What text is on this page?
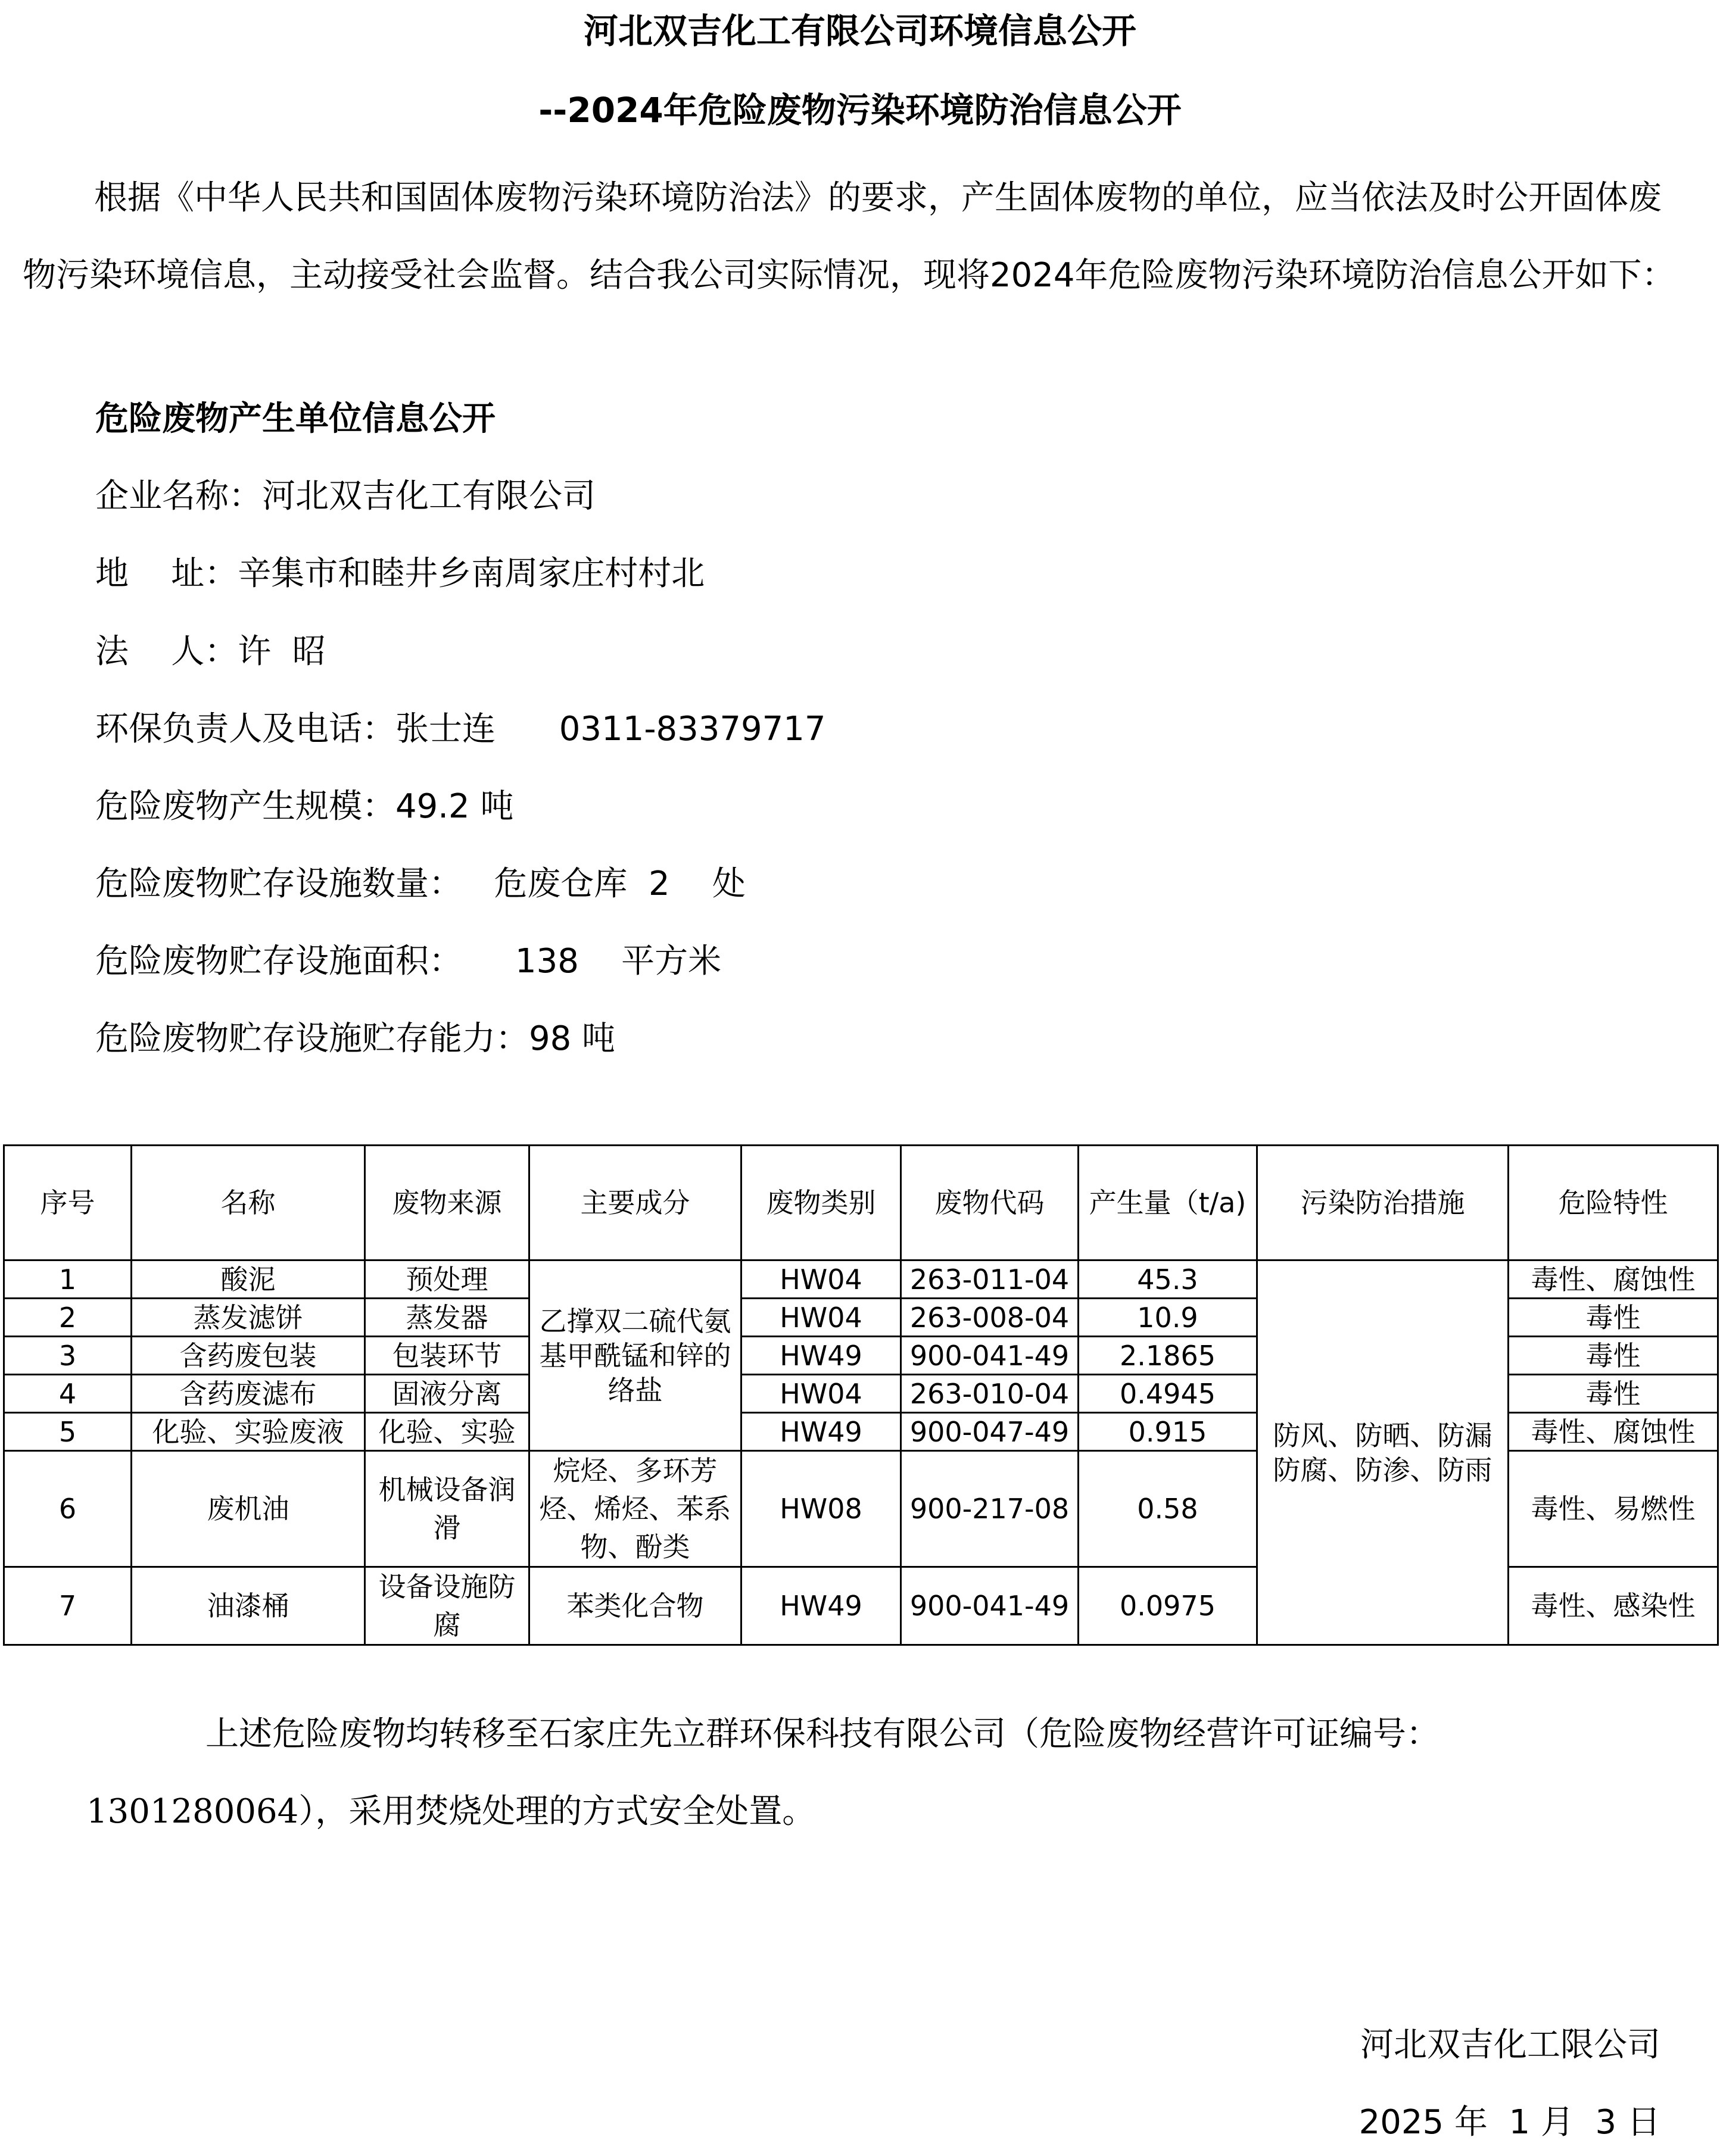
河北双吉化工有限公司环境信息公开
--2024年危险废物污染环境防治信息公开
根据《中华人民共和国固体废物污染环境防治法》的要求，产生固体废物的单位，应当依法及时公开固体废物污染环境信息，主动接受社会监督。结合我公司实际情况，现将2024年危险废物污染环境防治信息公开如下：
危险废物产生单位信息公开
企业名称：河北双吉化工有限公司
地    址：辛集市和睦井乡南周家庄村村北
法    人：许  昭
环保负责人及电话：张士连      0311-83379717
危险废物产生规模：49.2 吨
危险废物贮存设施数量：   危废仓库  2    处
危险废物贮存设施面积：     138    平方米
危险废物贮存设施贮存能力：98 吨
序号	名称	废物来源	主要成分	废物类别	废物代码	产生量（t/a)	污染防治措施	危险特性
1	酸泥	预处理	乙撑双二硫代氨基甲酰锰和锌的络盐	HW04	263-011-04	45.3	防风、防晒、防漏防腐、防渗、防雨	毒性、腐蚀性
2	蒸发滤饼	蒸发器		HW04	263-008-04	10.9		毒性
3	含药废包装	包装环节		HW49	900-041-49	2.1865		毒性
4	含药废滤布	固液分离		HW04	263-010-04	0.4945		毒性
5	化验、实验废液	化验、实验		HW49	900-047-49	0.915		毒性、腐蚀性
6	废机油	机械设备润滑	烷烃、多环芳烃、烯烃、苯系物、酚类	HW08	900-217-08	0.58		毒性、易燃性
7	油漆桶	设备设施防腐	苯类化合物	HW49	900-041-49	0.0975		毒性、感染性
上述危险废物均转移至石家庄先立群环保科技有限公司（危险废物经营许可证编号：1301280064），采用焚烧处理的方式安全处置。
河北双吉化工限公司
2025 年  1 月  3 日
